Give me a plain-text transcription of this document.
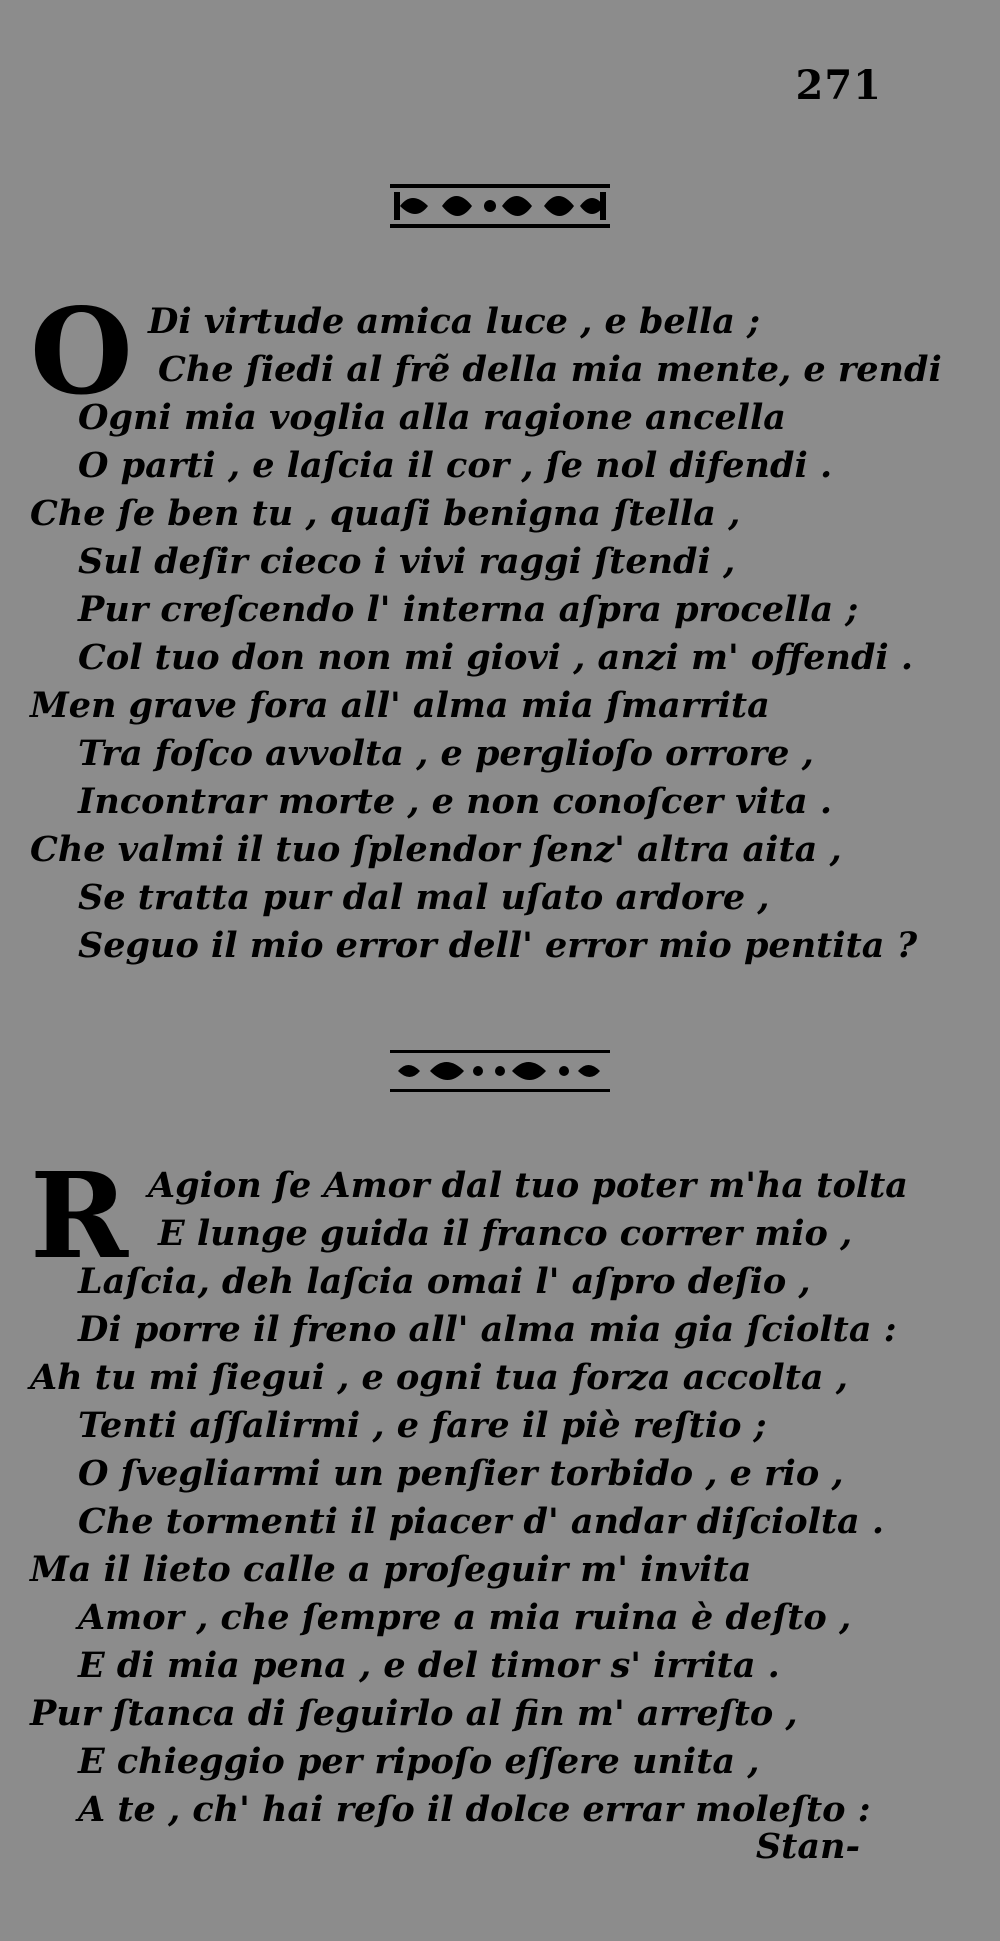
271
O Di virtude amica luce , e bella ;
Che ſiedi al frẽ della mia mente, e rendi
Ogni mia voglia alla ragione ancella
O parti , e laſcia il cor , ſe nol difendi .
Che ſe ben tu , quaſi benigna ſtella ,
Sul deſir cieco i vivi raggi ſtendi ,
Pur creſcendo l' interna aſpra procella ;
Col tuo don non mi giovi , anzi m' offendi .
Men grave fora all' alma mia ſmarrita
Tra foſco avvolta , e perglioſo orrore ,
Incontrar morte , e non conoſcer vita .
Che valmi il tuo ſplendor ſenz' altra aita ,
Se tratta pur dal mal uſato ardore ,
Seguo il mio error dell' error mio pentita ?
R Agion ſe Amor dal tuo poter m'ha tolta
E lunge guida il franco correr mio ,
Laſcia, deh laſcia omai l' aſpro deſio ,
Di porre il freno all' alma mia gia ſciolta :
Ah tu mi ſiegui , e ogni tua forza accolta ,
Tenti aſſalirmi , e fare il piè reſtio ;
O ſvegliarmi un penſier torbido , e rio ,
Che tormenti il piacer d' andar diſciolta .
Ma il lieto calle a proſeguir m' invita
Amor , che ſempre a mia ruina è deſto ,
E di mia pena , e del timor s' irrita .
Pur ſtanca di ſeguirlo al fin m' arreſto ,
E chieggio per ripoſo eſſere unita ,
A te , ch' hai reſo il dolce errar moleſto :
Stan-
